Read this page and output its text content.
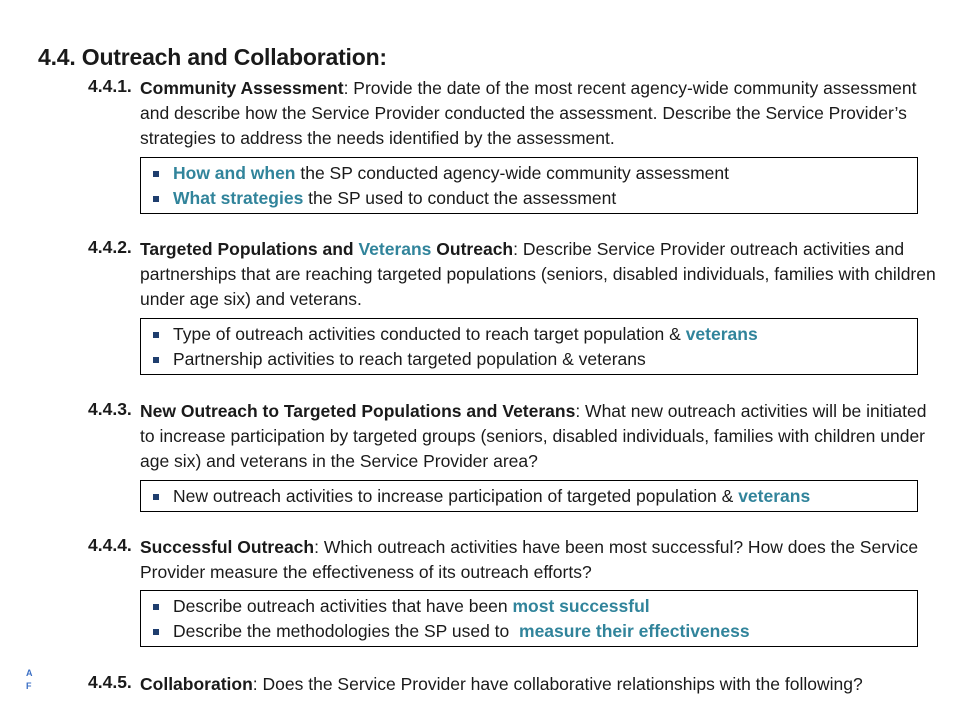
4.4. Outreach and Collaboration:
4.4.1. Community Assessment: Provide the date of the most recent agency-wide community assessment and describe how the Service Provider conducted the assessment. Describe the Service Provider’s strategies to address the needs identified by the assessment.
How and when the SP conducted agency-wide community assessment
What strategies the SP used to conduct the assessment
4.4.2. Targeted Populations and Veterans Outreach: Describe Service Provider outreach activities and partnerships that are reaching targeted populations (seniors, disabled individuals, families with children under age six) and veterans.
Type of outreach activities conducted to reach target population & veterans
Partnership activities to reach targeted population & veterans
4.4.3. New Outreach to Targeted Populations and Veterans: What new outreach activities will be initiated to increase participation by targeted groups (seniors, disabled individuals, families with children under age six) and veterans in the Service Provider area?
New outreach activities to increase participation of targeted population & veterans
4.4.4. Successful Outreach: Which outreach activities have been most successful? How does the Service Provider measure the effectiveness of its outreach efforts?
Describe outreach activities that have been most successful
Describe the methodologies the SP used to measure their effectiveness
A
F	4.4.5. Collaboration: Does the Service Provider have collaborative relationships with the following?
